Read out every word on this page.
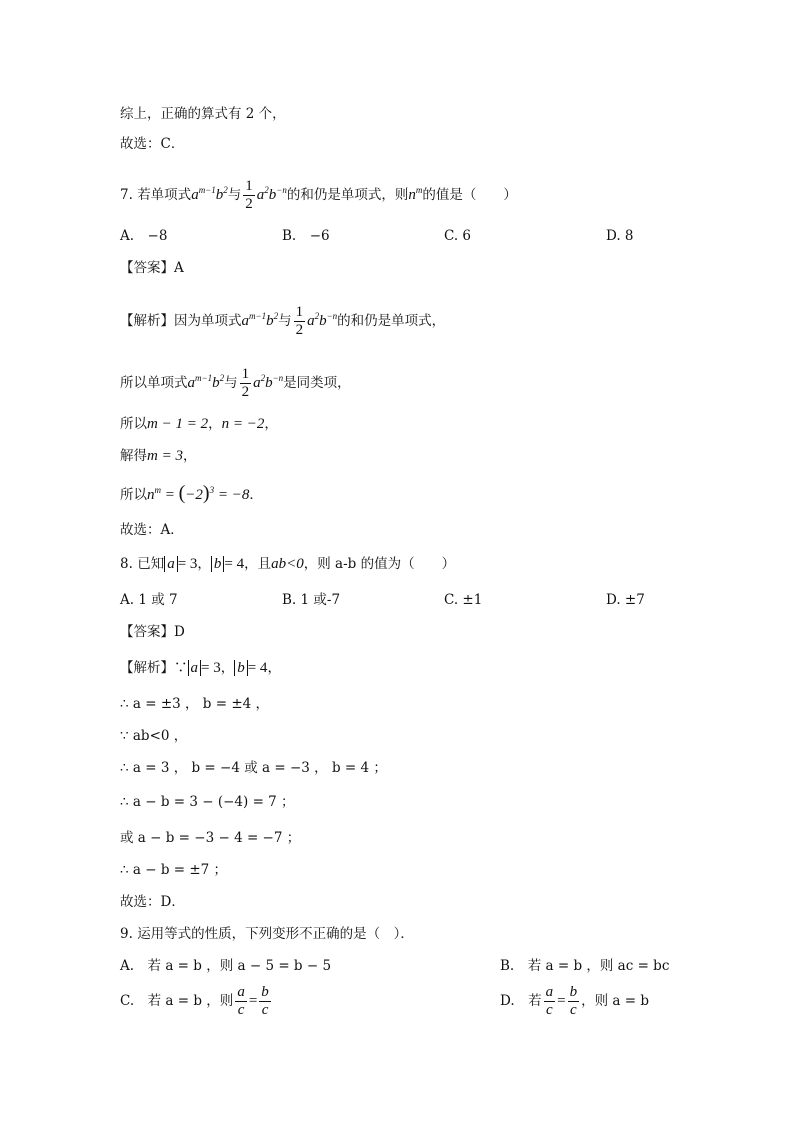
综上，正确的算式有 2 个，
故选：C．
7. 若单项式$a^{m-1}b^2$与 $\frac{1}{2} a^2b^{-n}$的和仍是单项式，则$n^m$的值是（　　）
A.　−8	B.　−6	C. 6	D. 8
【答案】A
【解析】因为单项式$a^{m-1}b^2$与 $\frac{1}{2} a^2b^{-n}$的和仍是单项式，
所以单项式$a^{m-1}b^2$与 $\frac{1}{2} a^2b^{-n}$是同类项，
所以m − 1 = 2，n = −2，
解得m = 3，
所以$n^m = (-2)^3 = -8$．
故选：A．
8. 已知 a = 3， b = 4，且ab<0，则 a-b 的值为（　　）
A. 1 或 7	B. 1 或-7	C. ±1	D. ±7
【答案】D
【解析】∵ a = 3， b = 4，
∴ a = ±3 ， b = ±4 ，
∵ ab<0 ，
∴ a = 3 ， b = −4 或 a = −3 ， b = 4 ；
∴ a − b = 3 − (−4) = 7 ；
或 a − b = −3 − 4 = −7 ；
∴ a − b = ±7 ；
故选：D．
9. 运用等式的性质，下列变形不正确的是（　）．
A.　若 a = b ，则 a − 5 = b − 5	B.　若 a = b ，则 ac = bc
C.　若 a = b ，则 $\frac{a}{c} = \frac{b}{c}$	D.　若 $\frac{a}{c} = \frac{b}{c}$ ，则 a = b
